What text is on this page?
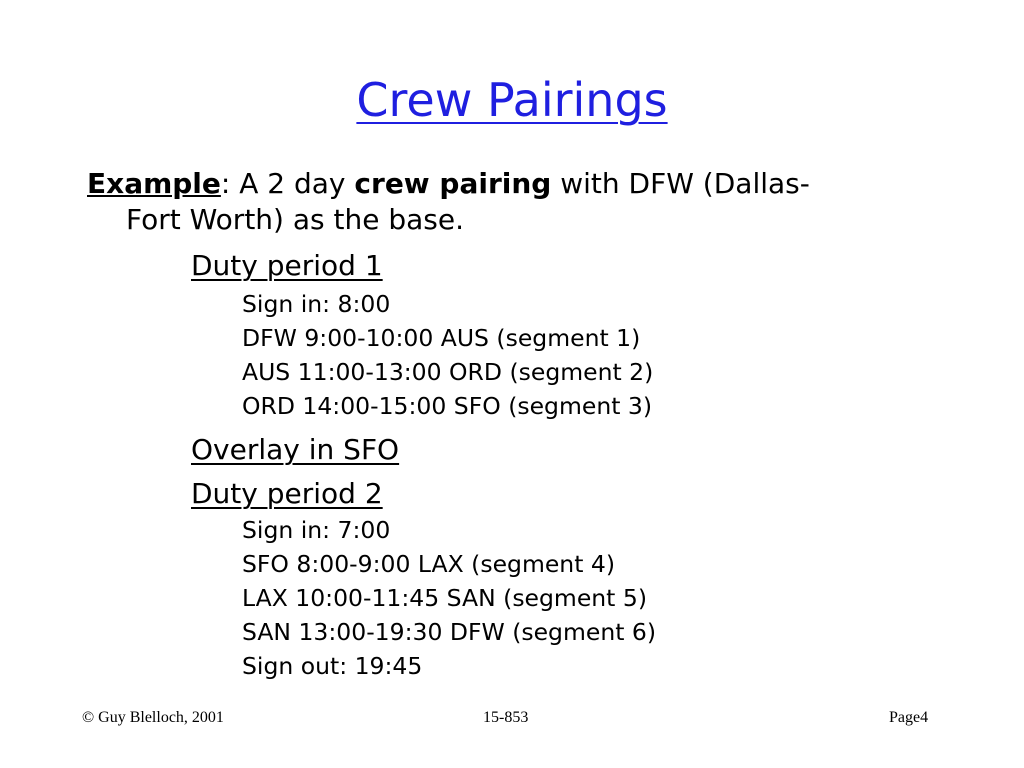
Crew Pairings
Example: A 2 day crew pairing with DFW (Dallas-
Fort Worth) as the base.
Duty period 1
Sign in: 8:00
DFW 9:00-10:00 AUS (segment 1)
AUS 11:00-13:00 ORD (segment 2)
ORD 14:00-15:00 SFO (segment 3)
Overlay in SFO
Duty period 2
Sign in: 7:00
SFO 8:00-9:00 LAX (segment 4)
LAX 10:00-11:45 SAN (segment 5)
SAN 13:00-19:30 DFW (segment 6)
Sign out: 19:45
© Guy Blelloch, 2001	15-853	Page4
